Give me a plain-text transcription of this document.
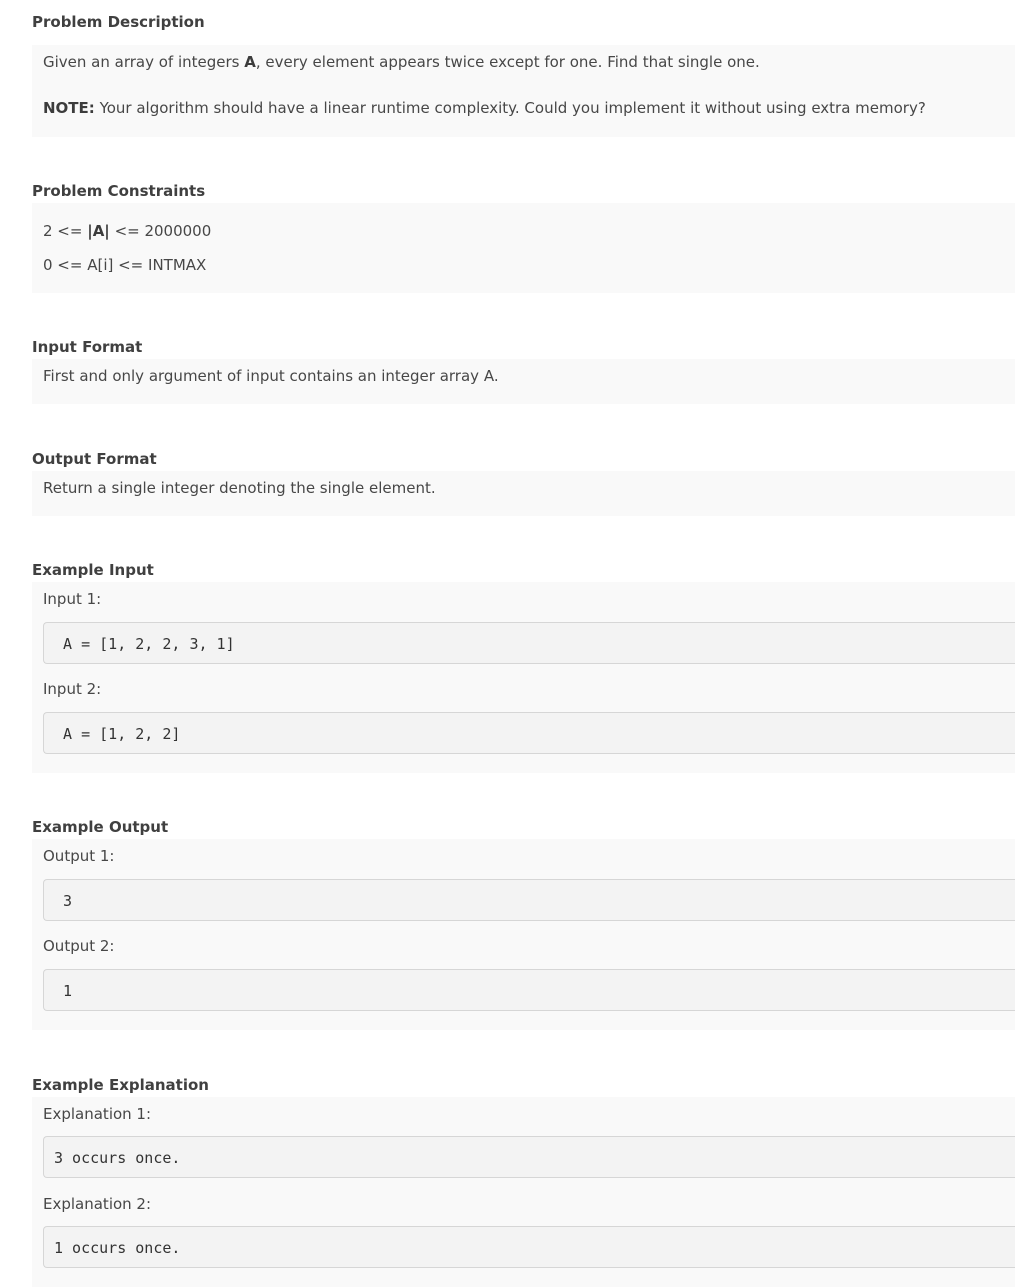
Problem Description
Given an array of integers A, every element appears twice except for one. Find that single one.
NOTE: Your algorithm should have a linear runtime complexity. Could you implement it without using extra memory?
Problem Constraints
2 <= |A| <= 2000000
0 <= A[i] <= INTMAX
Input Format
First and only argument of input contains an integer array A.
Output Format
Return a single integer denoting the single element.
Example Input
Input 1:
A = [1, 2, 2, 3, 1]
Input 2:
A = [1, 2, 2]
Example Output
Output 1:
3
Output 2:
1
Example Explanation
Explanation 1:
3 occurs once.
Explanation 2:
1 occurs once.
